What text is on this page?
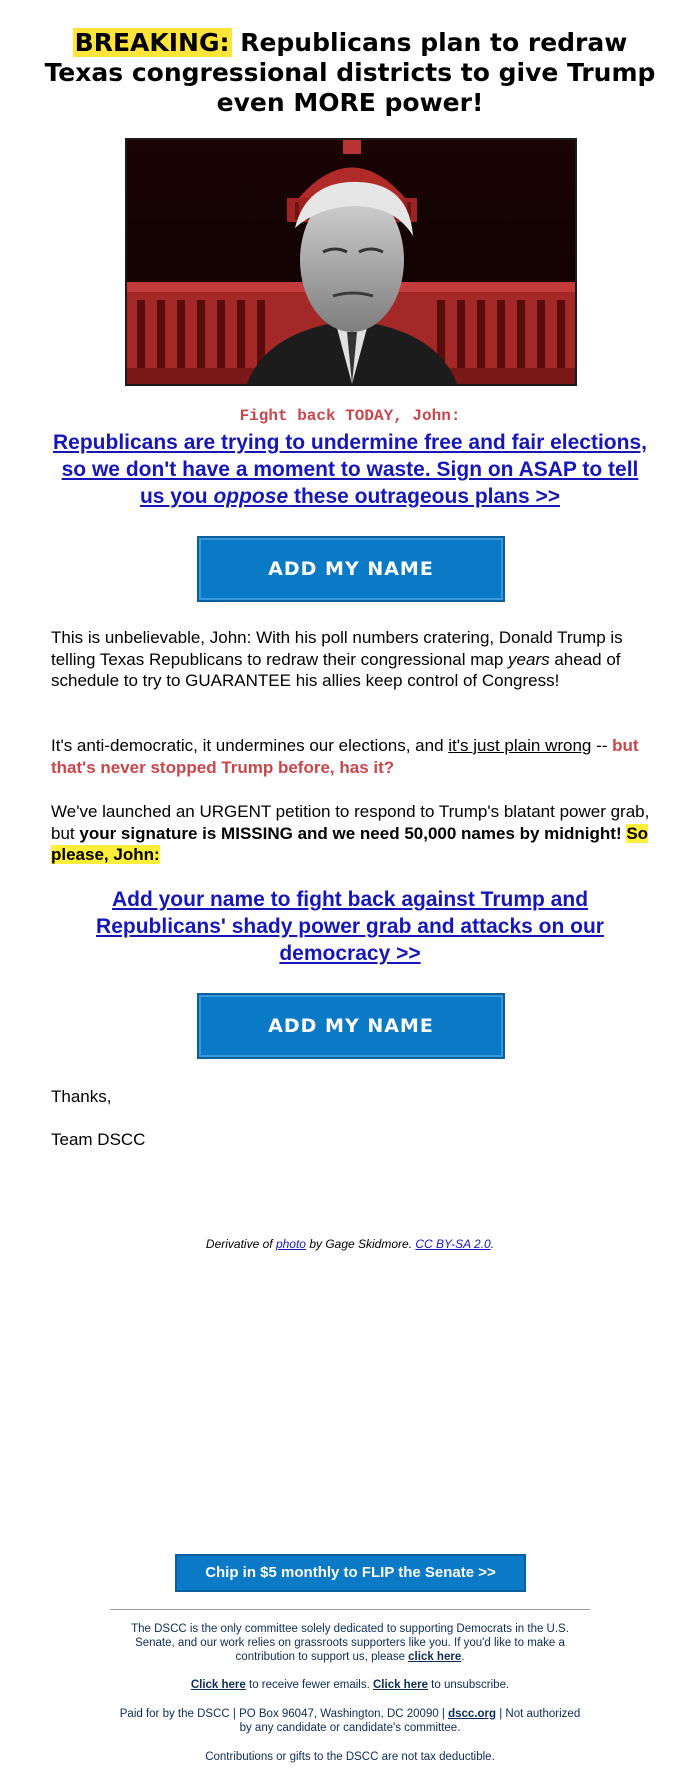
BREAKING: Republicans plan to redraw Texas congressional districts to give Trump even MORE power!
Fight back TODAY, John:
Republicans are trying to undermine free and fair elections, so we don't have a moment to waste. Sign on ASAP to tell us you oppose these outrageous plans >>
ADD MY NAME

This is unbelievable, John: With his poll numbers cratering, Donald Trump is telling Texas Republicans to redraw their congressional map years ahead of schedule to try to GUARANTEE his allies keep control of Congress!

It's anti-democratic, it undermines our elections, and it's just plain wrong -- but that's never stopped Trump before, has it?

We've launched an URGENT petition to respond to Trump's blatant power grab, but your signature is MISSING and we need 50,000 names by midnight! So please, John:

Add your name to fight back against Trump and Republicans' shady power grab and attacks on our democracy >>
ADD MY NAME
Thanks,
Team DSCC
Derivative of photo by Gage Skidmore. CC BY-SA 2.0.
Chip in $5 monthly to FLIP the Senate >>

The DSCC is the only committee solely dedicated to supporting Democrats in the U.S. Senate, and our work relies on grassroots supporters like you. If you'd like to make a contribution to support us, please click here.

Click here to receive fewer emails. Click here to unsubscribe.

Paid for by the DSCC | PO Box 96047, Washington, DC 20090 | dscc.org | Not authorized by any candidate or candidate's committee.

Contributions or gifts to the DSCC are not tax deductible.
